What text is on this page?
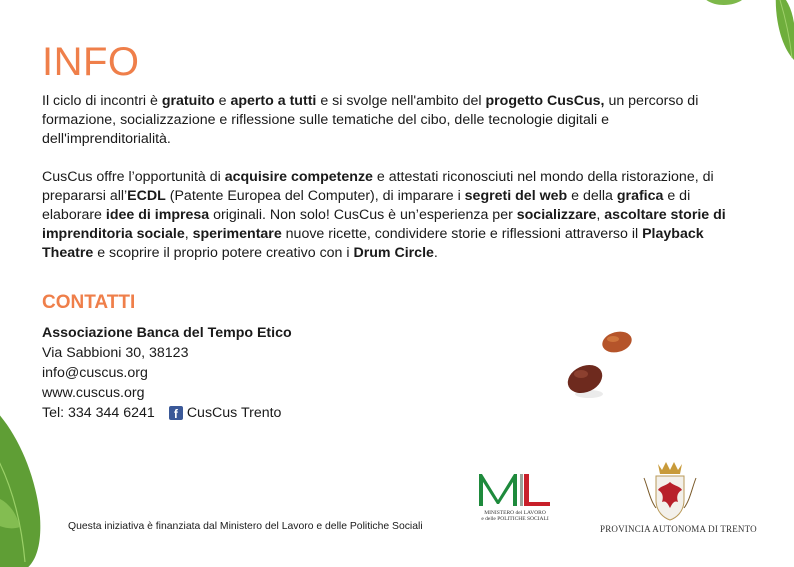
INFO

Il ciclo di incontri è gratuito e aperto a tutti e si svolge nell'ambito del progetto CusCus, un percorso di formazione, socializzazione e riflessione sulle tematiche del cibo, delle tecnologie digitali e dell'imprenditorialità.

CusCus offre l’opportunità di acquisire competenze e attestati riconosciuti nel mondo della ristorazione, di prepararsi all’ECDL (Patente Europea del Computer), di imparare i segreti del web e della grafica e di elaborare idee di impresa originali. Non solo! CusCus è un’esperienza per socializzare, ascoltare storie di imprenditoria sociale, sperimentare nuove ricette, condividere storie e riflessioni attraverso il Playback Theatre e scoprire il proprio potere creativo con i Drum Circle.

CONTATTI
Associazione Banca del Tempo Etico
Via Sabbioni 30, 38123
info@cuscus.org
www.cuscus.org
Tel: 334 344 6241 f CusCus Trento
Questa iniziativa è finanziata dal Ministero del Lavoro e delle Politiche Sociali
MINISTERO del LAVORO
e delle POLITICHE SOCIALI
PROVINCIA AUTONOMA DI TRENTO
